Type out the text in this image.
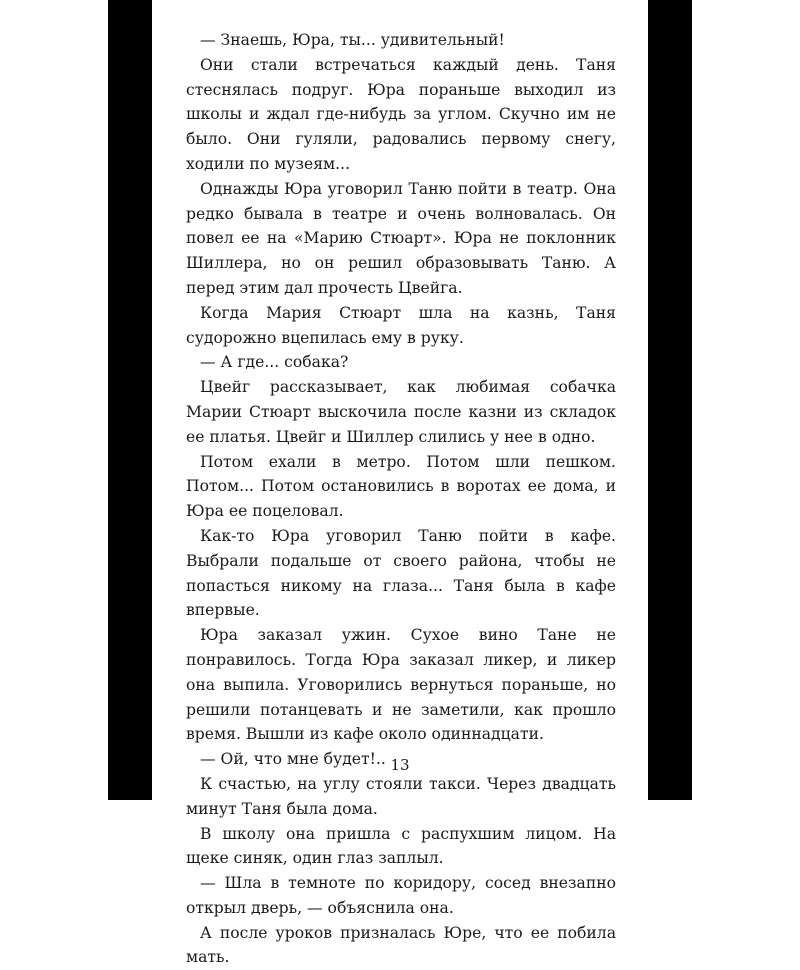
— Знаешь, Юра, ты... удивительный!

Они стали встречаться каждый день. Таня стеснялась подруг. Юра пораньше выходил из школы и ждал где-нибудь за углом. Скучно им не было. Они гуляли, радовались первому снегу, ходили по музеям...

Однажды Юра уговорил Таню пойти в театр. Она редко бывала в театре и очень волновалась. Он повел ее на «Марию Стюарт». Юра не поклонник Шиллера, но он решил образовывать Таню. А перед этим дал прочесть Цвейга.

Когда Мария Стюарт шла на казнь, Таня судорожно вцепилась ему в руку.

— А где... собака?

Цвейг рассказывает, как любимая собачка Марии Стюарт выскочила после казни из складок ее платья. Цвейг и Шиллер слились у нее в одно.

Потом ехали в метро. Потом шли пешком. Потом... Потом остановились в воротах ее дома, и Юра ее поцеловал.

Как-то Юра уговорил Таню пойти в кафе. Выбрали подальше от своего района, чтобы не попасться никому на глаза... Таня была в кафе впервые.

Юра заказал ужин. Сухое вино Тане не понравилось. Тогда Юра заказал ликер, и ликер она выпила. Уговорились вернуться пораньше, но решили потанцевать и не заметили, как прошло время. Вышли из кафе около одиннадцати.

— Ой, что мне будет!..

К счастью, на углу стояли такси. Через двадцать минут Таня была дома.

В школу она пришла с распухшим лицом. На щеке синяк, один глаз заплыл.

— Шла в темноте по коридору, сосед внезапно открыл дверь, — объяснила она.

А после уроков призналась Юре, что ее побила мать.

13
